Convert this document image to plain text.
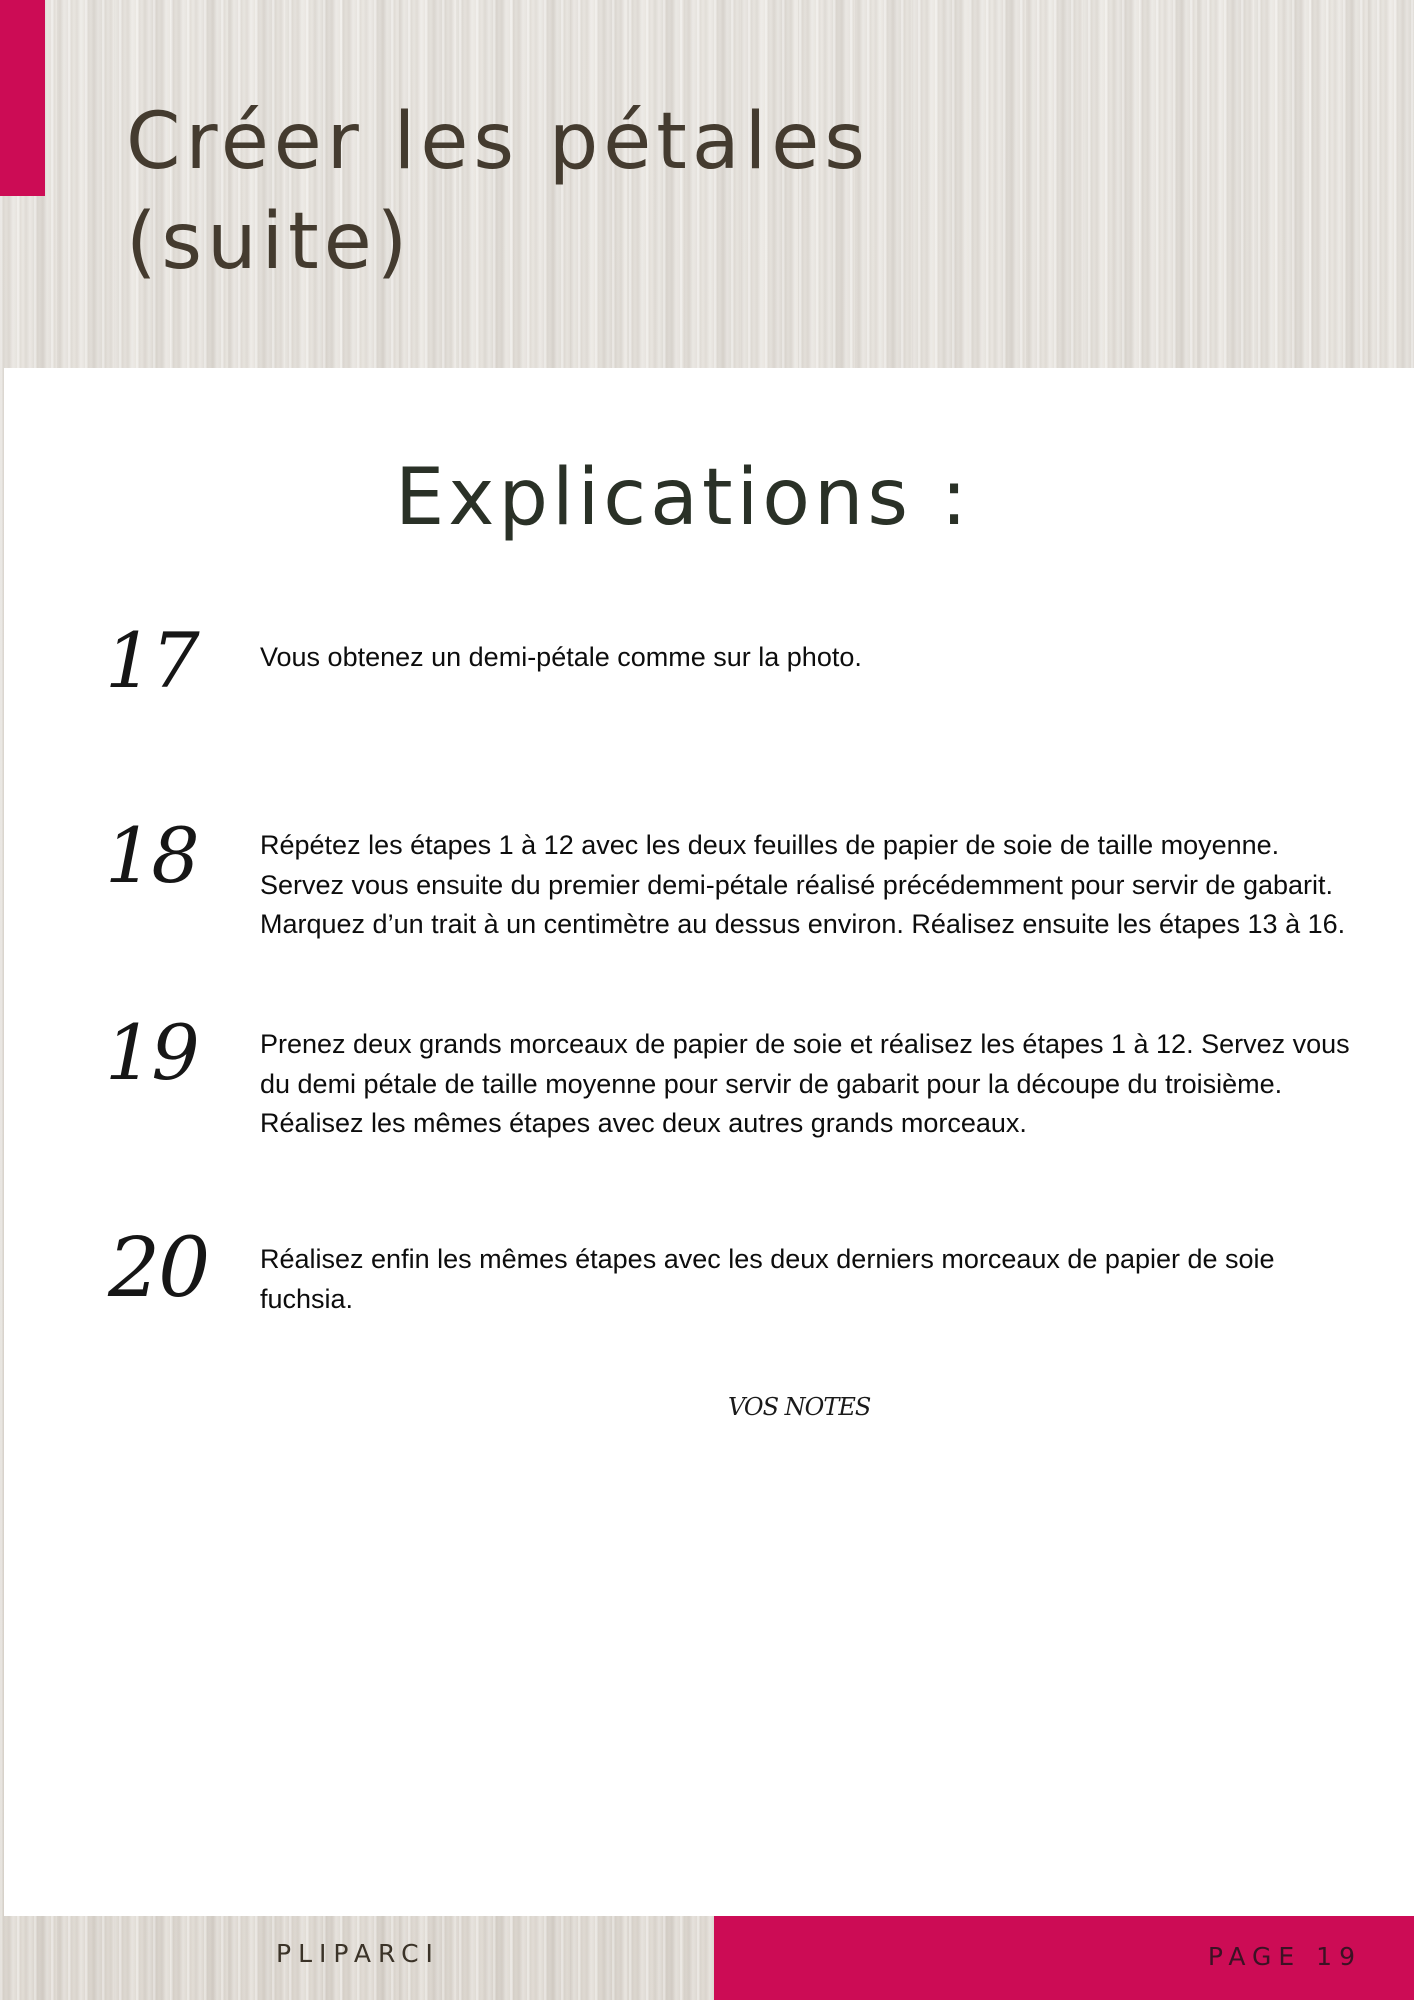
Créer les pétales
(suite)
Explications :
17	Vous obtenez un demi-pétale comme sur la photo.

18	Répétez les étapes 1 à 12 avec les deux feuilles de papier de soie de taille moyenne. Servez vous ensuite du premier demi-pétale réalisé précédemment pour servir de gabarit. Marquez d’un trait à un centimètre au dessus environ. Réalisez ensuite les étapes 13 à 16.

19	Prenez deux grands morceaux de papier de soie et réalisez les étapes 1 à 12. Servez vous du demi pétale de taille moyenne pour servir de gabarit pour la découpe du troisième. Réalisez les mêmes étapes avec deux autres grands morceaux.

20	Réalisez enfin les mêmes étapes avec les deux derniers morceaux de papier de soie fuchsia.

VOS NOTES
PLIPARCI	PAGE 19
